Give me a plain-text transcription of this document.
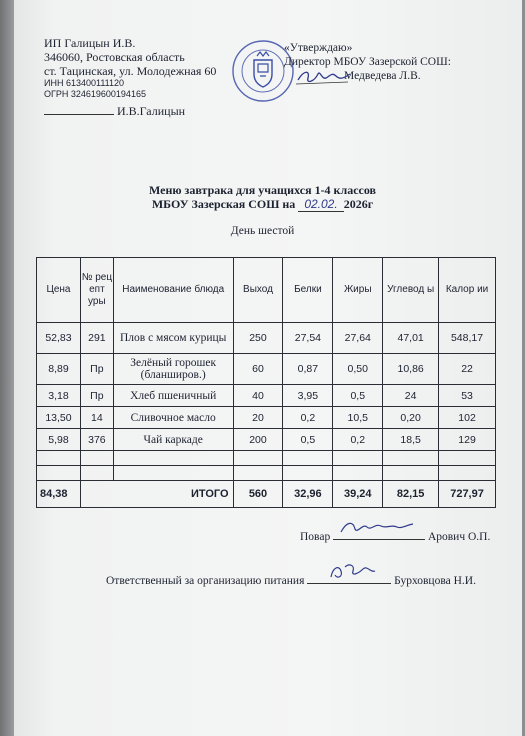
ИП Галицын И.В.
346060, Ростовская область
ст. Тацинская, ул. Молодежная 60
ИНН 613400111120
ОГРН 324619600194165
И.В.Галицын
«Утверждаю»
Директор МБОУ Зазерской СОШ:
Медведева Л.В.
Меню завтрака для учащихся 1-4 классов
МБОУ Зазерская СОШ на 02.02. 2026г
День шестой
Цена	№ рец епт уры	Наименование блюда	Выход	Белки	Жиры	Углевод ы	Калор ии
52,83	291	Плов с мясом курицы	250	27,54	27,64	47,01	548,17
8,89	Пр	Зелёный горошек (бланширов.)	60	0,87	0,50	10,86	22
3,18	Пр	Хлеб пшеничный	40	3,95	0,5	24	53
13,50	14	Сливочное масло	20	0,2	10,5	0,20	102
5,98	376	Чай каркаде	200	0,5	0,2	18,5	129

84,38	ИТОГО		560	32,96	39,24	82,15	727,97
Повар	Арович О.П.
Ответственный за организацию питания	Бурховцова Н.И.
